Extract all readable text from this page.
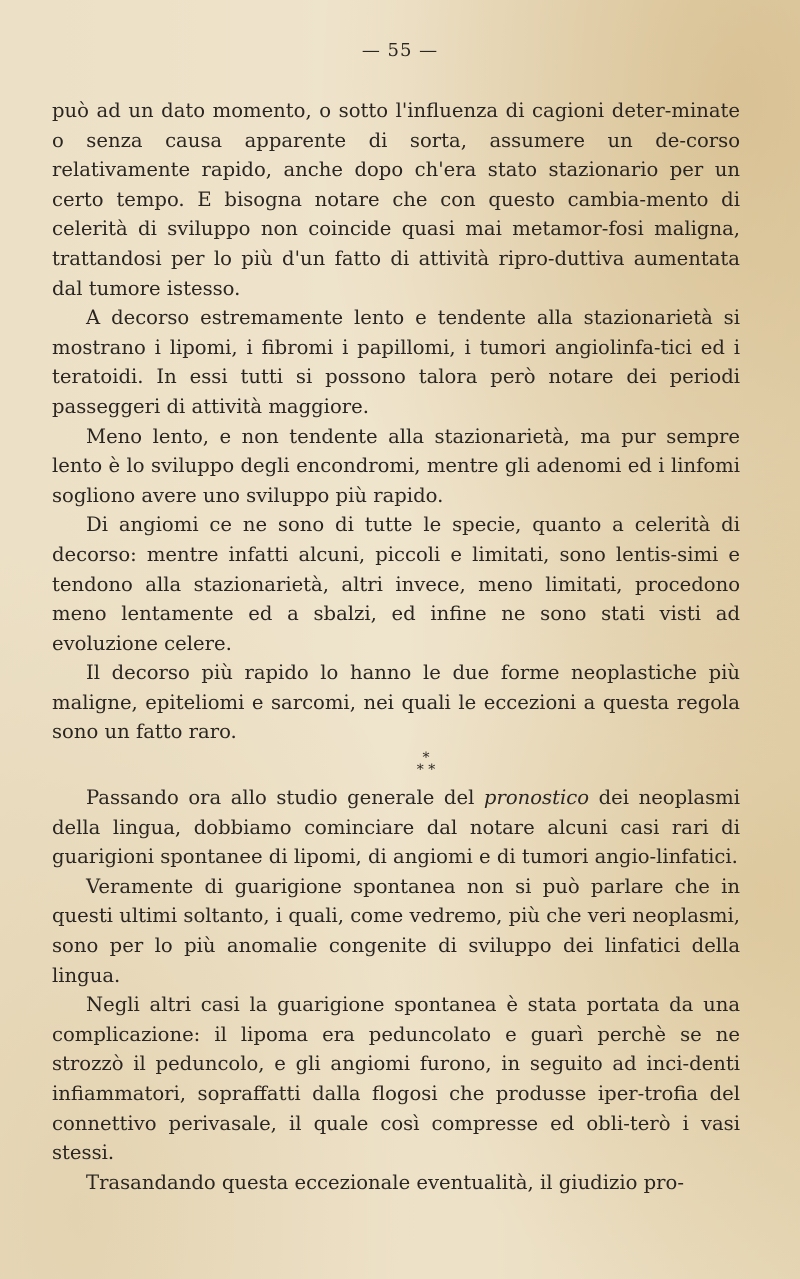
— 55 —

può ad un dato momento, o sotto l'influenza di cagioni deter-minate o senza causa apparente di sorta, assumere un de-corso relativamente rapido, anche dopo ch'era stato stazionario per un certo tempo. E bisogna notare che con questo cambia-mento di celerità di sviluppo non coincide quasi mai metamor-fosi maligna, trattandosi per lo più d'un fatto di attività ripro-duttiva aumentata dal tumore istesso.

A decorso estremamente lento e tendente alla stazionarietà si mostrano i lipomi, i fibromi i papillomi, i tumori angiolinfa-tici ed i teratoidi. In essi tutti si possono talora però notare dei periodi passeggeri di attività maggiore.

Meno lento, e non tendente alla stazionarietà, ma pur sempre lento è lo sviluppo degli encondromi, mentre gli adenomi ed i linfomi sogliono avere uno sviluppo più rapido.

Di angiomi ce ne sono di tutte le specie, quanto a celerità di decorso: mentre infatti alcuni, piccoli e limitati, sono lentis-simi e tendono alla stazionarietà, altri invece, meno limitati, procedono meno lentamente ed a sbalzi, ed infine ne sono stati visti ad evoluzione celere.

Il decorso più rapido lo hanno le due forme neoplastiche più maligne, epiteliomi e sarcomi, nei quali le eccezioni a questa regola sono un fatto raro.

*
* *

Passando ora allo studio generale del pronostico dei neoplasmi della lingua, dobbiamo cominciare dal notare alcuni casi rari di guarigioni spontanee di lipomi, di angiomi e di tumori angio-linfatici.

Veramente di guarigione spontanea non si può parlare che in questi ultimi soltanto, i quali, come vedremo, più che veri neoplasmi, sono per lo più anomalie congenite di sviluppo dei linfatici della lingua.

Negli altri casi la guarigione spontanea è stata portata da una complicazione: il lipoma era peduncolato e guarì perchè se ne strozzò il peduncolo, e gli angiomi furono, in seguito ad inci-denti infiammatori, sopraffatti dalla flogosi che produsse iper-trofia del connettivo perivasale, il quale così compresse ed obli-terò i vasi stessi.

Trasandando questa eccezionale eventualità, il giudizio pro-
